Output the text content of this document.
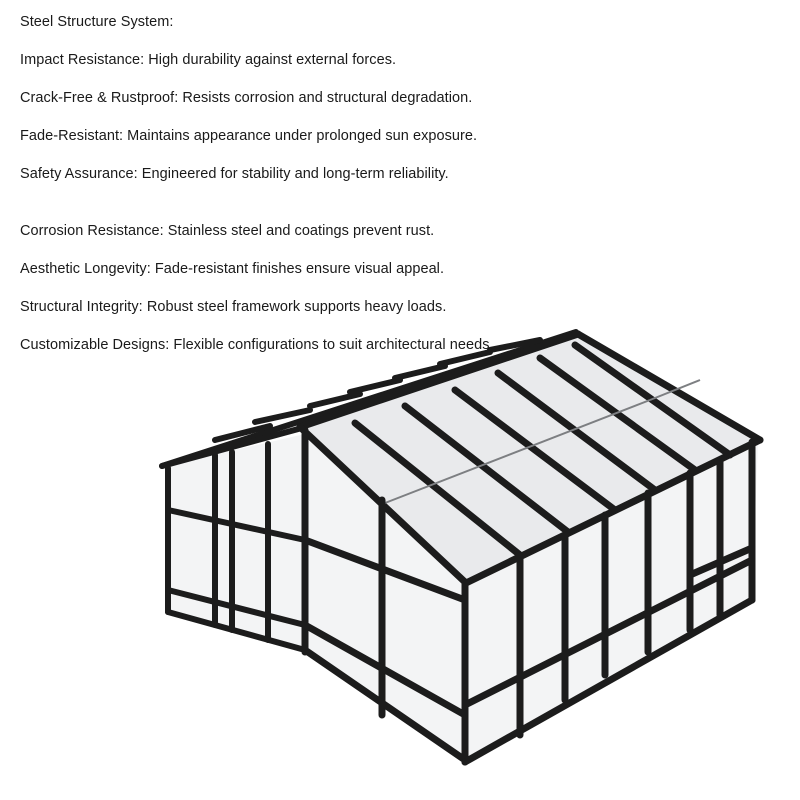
Steel Structure System:
Impact Resistance: High durability against external forces.
Crack-Free & Rustproof: Resists corrosion and structural degradation.
Fade-Resistant: Maintains appearance under prolonged sun exposure.
Safety Assurance: Engineered for stability and long-term reliability.
Corrosion Resistance: Stainless steel and coatings prevent rust.
Aesthetic Longevity: Fade-resistant finishes ensure visual appeal.
Structural Integrity: Robust steel framework supports heavy loads.
Customizable Designs: Flexible configurations to suit architectural needs.
